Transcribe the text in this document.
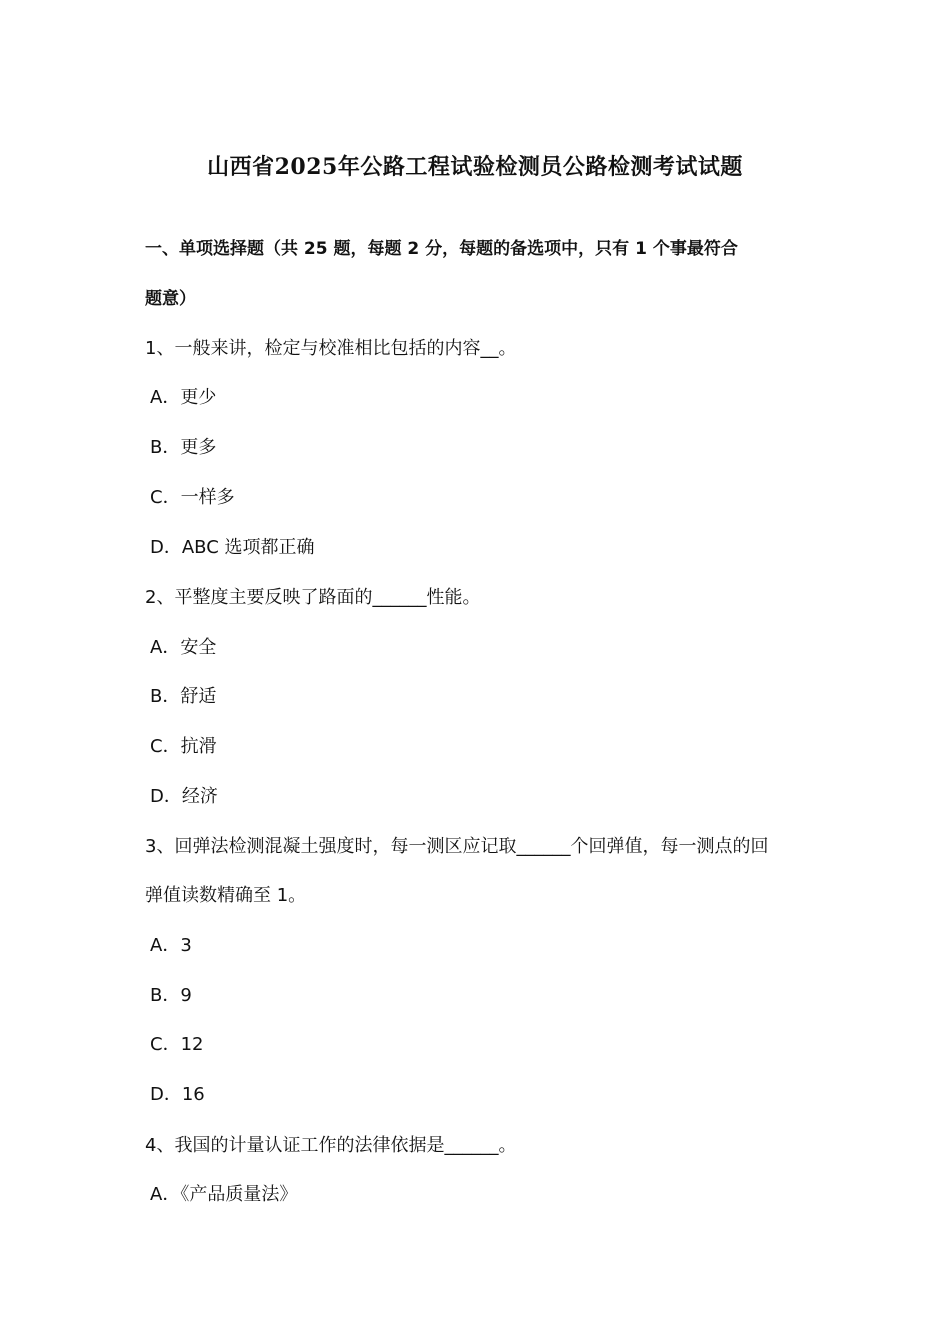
山西省2025年公路工程试验检测员公路检测考试试题
一、单项选择题（共 25 题，每题 2 分，每题的备选项中，只有 1 个事最符合
题意）
1、一般来讲，检定与校准相比包括的内容__。
A．更少
B．更多
C．一样多
D．ABC 选项都正确
2、平整度主要反映了路面的______性能。
A．安全
B．舒适
C．抗滑
D．经济
3、回弹法检测混凝土强度时，每一测区应记取______个回弹值，每一测点的回
弹值读数精确至 1。
A．3
B．9
C．12
D．16
4、我国的计量认证工作的法律依据是______。
A．《产品质量法》
